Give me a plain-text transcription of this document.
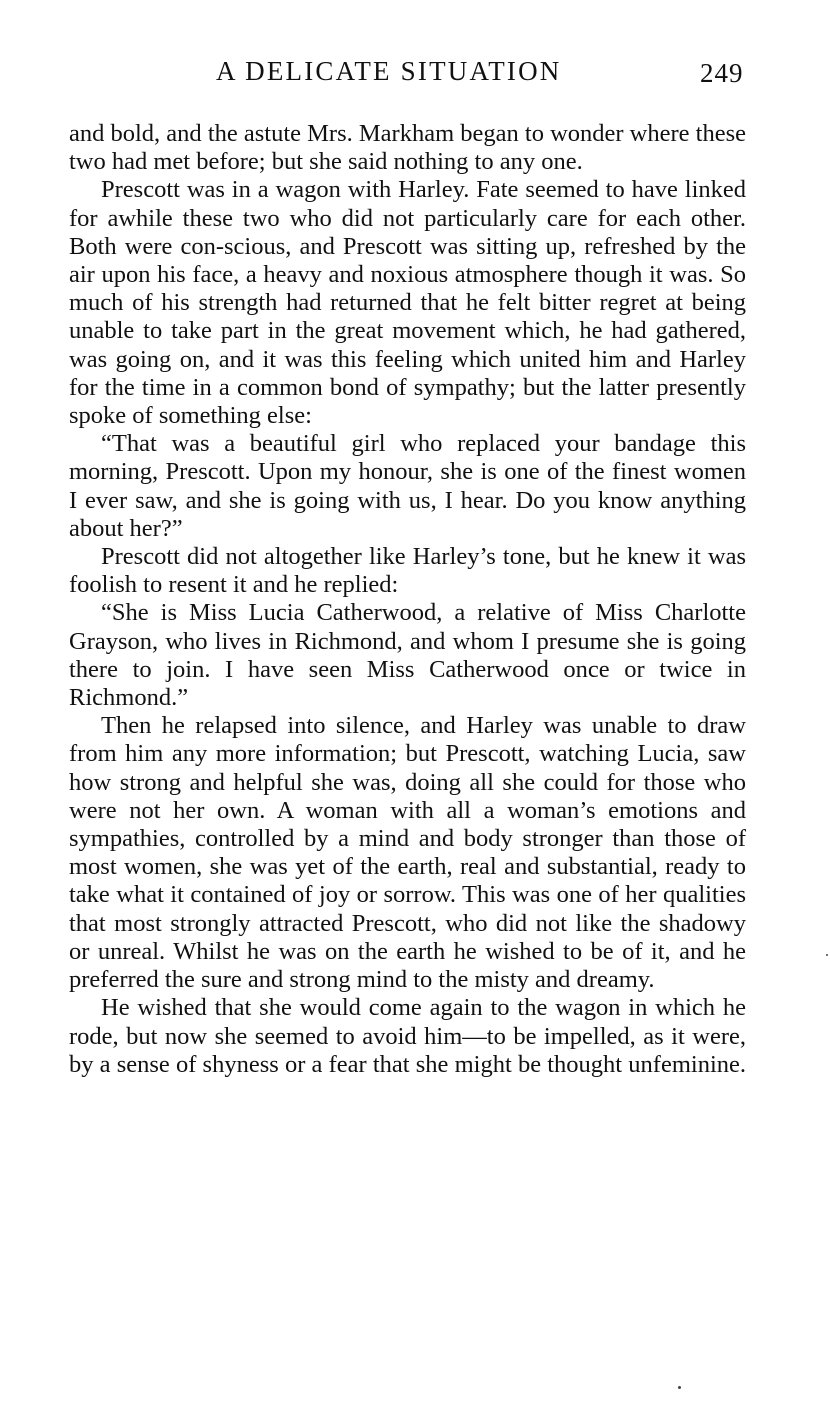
A DELICATE SITUATION	249

and bold, and the astute Mrs. Markham began to wonder where these two had met before; but she said nothing to any one.

Prescott was in a wagon with Harley. Fate seemed to have linked for awhile these two who did not particularly care for each other. Both were con-scious, and Prescott was sitting up, refreshed by the air upon his face, a heavy and noxious atmosphere though it was. So much of his strength had returned that he felt bitter regret at being unable to take part in the great movement which, he had gathered, was going on, and it was this feeling which united him and Harley for the time in a common bond of sympathy; but the latter presently spoke of something else:

“That was a beautiful girl who replaced your bandage this morning, Prescott. Upon my honour, she is one of the finest women I ever saw, and she is going with us, I hear. Do you know anything about her?”

Prescott did not altogether like Harley’s tone, but he knew it was foolish to resent it and he replied:

“She is Miss Lucia Catherwood, a relative of Miss Charlotte Grayson, who lives in Richmond, and whom I presume she is going there to join. I have seen Miss Catherwood once or twice in Richmond.”

Then he relapsed into silence, and Harley was unable to draw from him any more information; but Prescott, watching Lucia, saw how strong and helpful she was, doing all she could for those who were not her own. A woman with all a woman’s emotions and sympathies, controlled by a mind and body stronger than those of most women, she was yet of the earth, real and substantial, ready to take what it contained of joy or sorrow. This was one of her qualities that most strongly attracted Prescott, who did not like the shadowy or unreal. Whilst he was on the earth he wished to be of it, and he preferred the sure and strong mind to the misty and dreamy.

He wished that she would come again to the wagon in which he rode, but now she seemed to avoid him—to be impelled, as it were, by a sense of shyness or a fear that she might be thought unfeminine.
